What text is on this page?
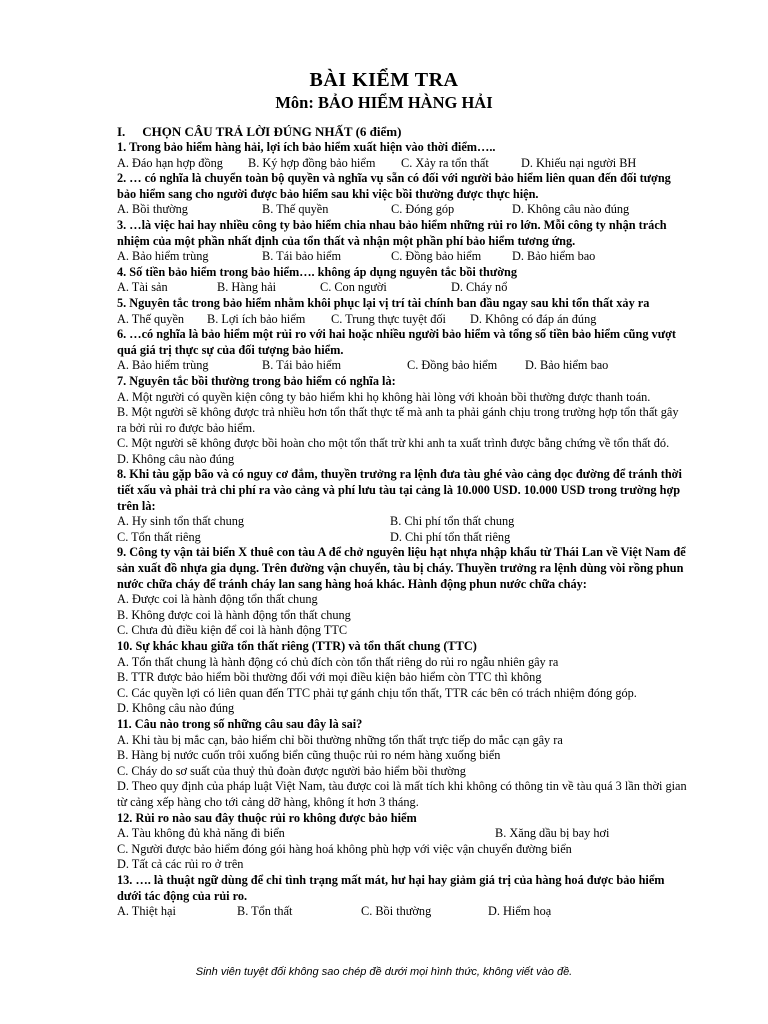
BÀI KIỂM TRA
Môn: BẢO HIỂM HÀNG HẢI
I. CHỌN CÂU TRẢ LỜI ĐÚNG NHẤT (6 điểm)
1. Trong bảo hiểm hàng hải, lợi ích bảo hiểm xuất hiện vào thời điểm…..
A. Đáo hạn hợp đồng	B. Ký hợp đồng bảo hiểm	C. Xảy ra tổn thất	D. Khiếu nại người BH
2. … có nghĩa là chuyển toàn bộ quyền và nghĩa vụ sẵn có đối với người bảo hiểm liên quan đến đối tượng bảo hiểm sang cho người được bảo hiểm sau khi việc bồi thường được thực hiện.
A. Bồi thường	B. Thế quyền	C. Đóng góp	D. Không câu nào đúng
3. …là việc hai hay nhiều công ty bảo hiểm chia nhau bảo hiểm những rủi ro lớn. Mỗi công ty nhận trách nhiệm của một phần nhất định của tổn thất và nhận một phần phí bảo hiểm tương ứng.
A. Bảo hiểm trùng	B. Tái bảo hiểm	C. Đồng bảo hiểm	D. Bảo hiểm bao
4. Số tiền bảo hiểm trong bảo hiểm…. không áp dụng nguyên tắc bồi thường
A. Tài sản	B. Hàng hải	C. Con người	D. Cháy nổ
5. Nguyên tắc trong bảo hiểm nhằm khôi phục lại vị trí tài chính ban đầu ngay sau khi tổn thất xảy ra
A. Thế quyền	B. Lợi ích bảo hiểm	C. Trung thực tuyệt đối	D. Không có đáp án đúng
6. …có nghĩa là bảo hiểm một rủi ro với hai hoặc nhiều người bảo hiểm và tổng số tiền bảo hiểm cũng vượt quá giá trị thực sự của đối tượng bảo hiểm.
A. Bảo hiểm trùng	B. Tái bảo hiểm	C. Đồng bảo hiểm	D. Bảo hiểm bao
7. Nguyên tắc bồi thường trong bảo hiểm có nghĩa là:
A. Một người có quyền kiện công ty bảo hiểm khi họ không hài lòng với khoản bồi thường được thanh toán.
B. Một người sẽ không được trả nhiều hơn tổn thất thực tế mà anh ta phải gánh chịu trong trường hợp tổn thất gây ra bởi rủi ro được bảo hiểm.
C. Một người sẽ không được bồi hoàn cho một tổn thất trừ khi anh ta xuất trình được bằng chứng về tổn thất đó.
D. Không câu nào đúng
8. Khi tàu gặp bão và có nguy cơ đắm, thuyền trưởng ra lệnh đưa tàu ghé vào cảng dọc đường để tránh thời tiết xấu và phải trả chi phí ra vào cảng và phí lưu tàu tại cảng là 10.000 USD. 10.000 USD trong trường hợp trên là:
A. Hy sinh tổn thất chung	B. Chi phí tổn thất chung
C. Tổn thất riêng	D. Chi phí tổn thất riêng
9. Công ty vận tải biển X thuê con tàu A để chở nguyên liệu hạt nhựa nhập khẩu từ Thái Lan về Việt Nam để sản xuất đồ nhựa gia dụng. Trên đường vận chuyển, tàu bị cháy. Thuyền trưởng ra lệnh dùng vòi rồng phun nước chữa cháy để tránh cháy lan sang hàng hoá khác. Hành động phun nước chữa cháy:
A. Được coi là hành động tổn thất chung
B. Không được coi là hành động tổn thất chung
C. Chưa đủ điều kiện để coi là hành động TTC
10. Sự khác khau giữa tổn thất riêng (TTR) và tổn thất chung (TTC)
A. Tổn thất chung là hành động có chủ đích còn tổn thất riêng do rủi ro ngẫu nhiên gây ra
B. TTR được bảo hiểm bồi thường đối với mọi điều kiện bảo hiểm còn TTC thì không
C. Các quyền lợi có liên quan đến TTC phải tự gánh chịu tổn thất, TTR các bên có trách nhiệm đóng góp.
D. Không câu nào đúng
11. Câu nào trong số những câu sau đây là sai?
A. Khi tàu bị mắc cạn, bảo hiểm chỉ bồi thường những tổn thất trực tiếp do mắc cạn gây ra
B. Hàng bị nước cuốn trôi xuống biển cũng thuộc rủi ro ném hàng xuống biển
C. Cháy do sơ suất của thuỷ thủ đoàn được người bảo hiểm bồi thường
D. Theo quy định của pháp luật Việt Nam, tàu được coi là mất tích khi không có thông tin về tàu quá 3 lần thời gian từ cảng xếp hàng cho tới cảng dỡ hàng, không ít hơn 3 tháng.
12. Rủi ro nào sau đây thuộc rủi ro không được bảo hiểm
A. Tàu không đủ khả năng đi biển	B. Xăng dầu bị bay hơi
C. Người được bảo hiểm đóng gói hàng hoá không phù hợp với việc vận chuyển đường biển
D. Tất cả các rủi ro ở trên
13. …. là thuật ngữ dùng để chỉ tình trạng mất mát, hư hại hay giảm giá trị của hàng hoá được bảo hiểm dưới tác động của rủi ro.
A. Thiệt hại	B. Tổn thất	C. Bồi thường	D. Hiểm hoạ
Sinh viên tuyệt đối không sao chép đề dưới mọi hình thức, không viết vào đề.
